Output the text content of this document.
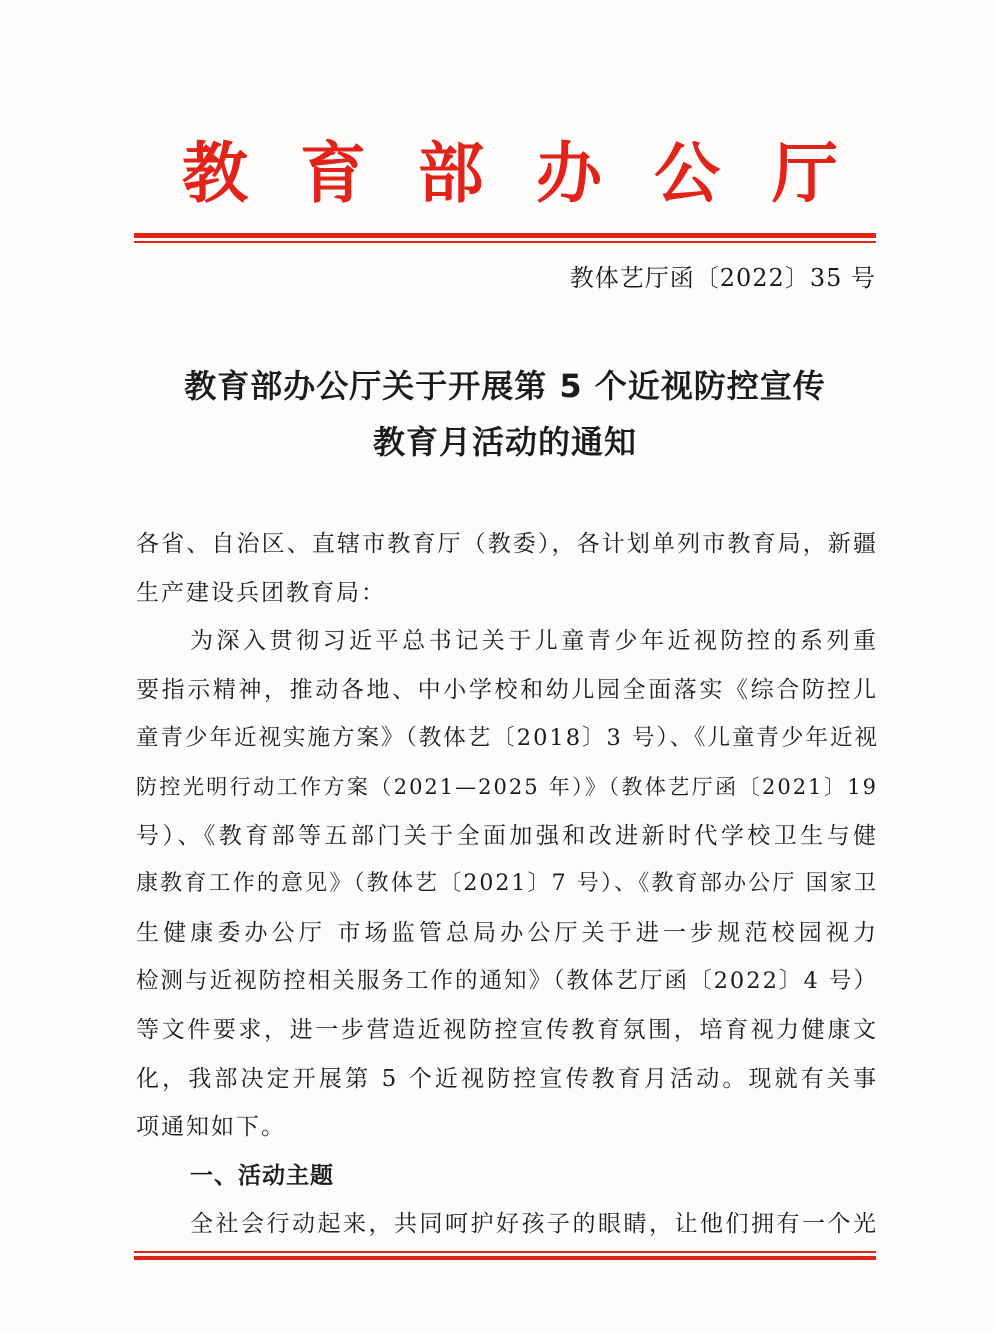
教 育 部 办 公 厅
教体艺厅函〔2022〕35 号
教育部办公厅关于开展第 5 个近视防控宣传
教育月活动的通知
各省、自治区、直辖市教育厅（教委），各计划单列市教育局，新疆
生产建设兵团教育局：
为深入贯彻习近平总书记关于儿童青少年近视防控的系列重
要指示精神，推动各地、中小学校和幼儿园全面落实《综合防控儿
童青少年近视实施方案》（教体艺〔2018〕3 号）、《儿童青少年近视
防控光明行动工作方案（2021—2025 年）》（教体艺厅函〔2021〕19
号）、《教育部等五部门关于全面加强和改进新时代学校卫生与健
康教育工作的意见》（教体艺〔2021〕7 号）、《教育部办公厅 国家卫
生健康委办公厅 市场监管总局办公厅关于进一步规范校园视力
检测与近视防控相关服务工作的通知》（教体艺厅函〔2022〕4 号）
等文件要求，进一步营造近视防控宣传教育氛围，培育视力健康文
化，我部决定开展第 5 个近视防控宣传教育月活动。现就有关事
项通知如下。
一、活动主题
全社会行动起来，共同呵护好孩子的眼睛，让他们拥有一个光
